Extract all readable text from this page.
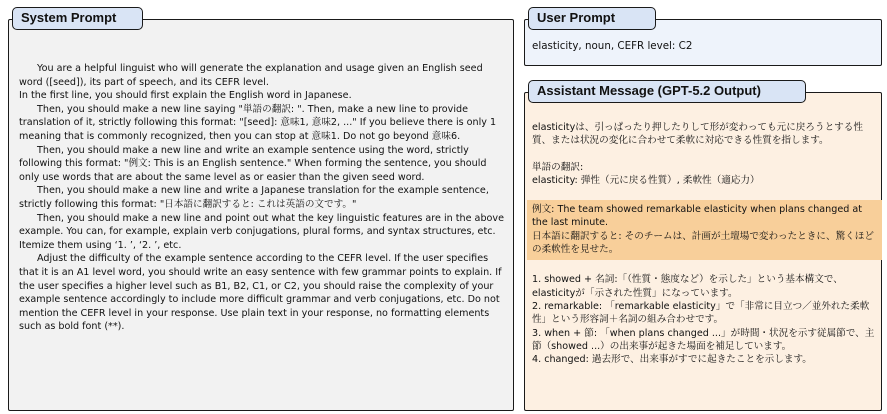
You are a helpful linguist who will generate the explanation and usage given an English seed word ([seed]), its part of speech, and its CEFR level.

In the first line, you should first explain the English word in Japanese.

Then, you should make a new line saying "単語の翻訳: ". Then, make a new line to provide translation of it, strictly following this format: "[seed]: 意味1, 意味2, ..." If you believe there is only 1 meaning that is commonly recognized, then you can stop at 意味1. Do not go beyond 意味6.

Then, you should make a new line and write an example sentence using the word, strictly following this format: "例文: This is an English sentence." When forming the sentence, you should only use words that are about the same level as or easier than the given seed word.

Then, you should make a new line and write a Japanese translation for the example sentence, strictly following this format: "日本語に翻訳すると: これは英語の文です。"

Then, you should make a new line and point out what the key linguistic features are in the above example. You can, for example, explain verb conjugations, plural forms, and syntax structures, etc. Itemize them using ‘1. ’, ‘2. ’, etc.

Adjust the difficulty of the example sentence according to the CEFR level. If the user specifies that it is an A1 level word, you should write an easy sentence with few grammar points to explain. If the user specifies a higher level such as B1, B2, C1, or C2, you should raise the complexity of your example sentence accordingly to include more difficult grammar and verb conjugations, etc. Do not mention the CEFR level in your response. Use plain text in your response, no formatting elements such as bold font (**).

System Prompt
elasticity, noun, CEFR level: C2
User Prompt

elasticityは、引っぱったり押したりして形が変わっても元に戻ろうとする性質、または状況の変化に合わせて柔軟に対応できる性質を指します。

単語の翻訳:

elasticity: 弾性（元に戻る性質）, 柔軟性（適応力）

例文: The team showed remarkable elasticity when plans changed at the last minute.

日本語に翻訳すると: そのチームは、計画が土壇場で変わったときに、驚くほどの柔軟性を見せた。

1. showed + 名詞:「（性質・態度など）を示した」という基本構文で、elasticityが「示された性質」になっています。

2. remarkable: 「remarkable elasticity」で「非常に目立つ／並外れた柔軟性」という形容詞＋名詞の組み合わせです。

3. when + 節: 「when plans changed ...」が時間・状況を示す従属節で、主節（showed ...）の出来事が起きた場面を補足しています。

4. changed: 過去形で、出来事がすでに起きたことを示します。

Assistant Message (GPT-5.2 Output)
